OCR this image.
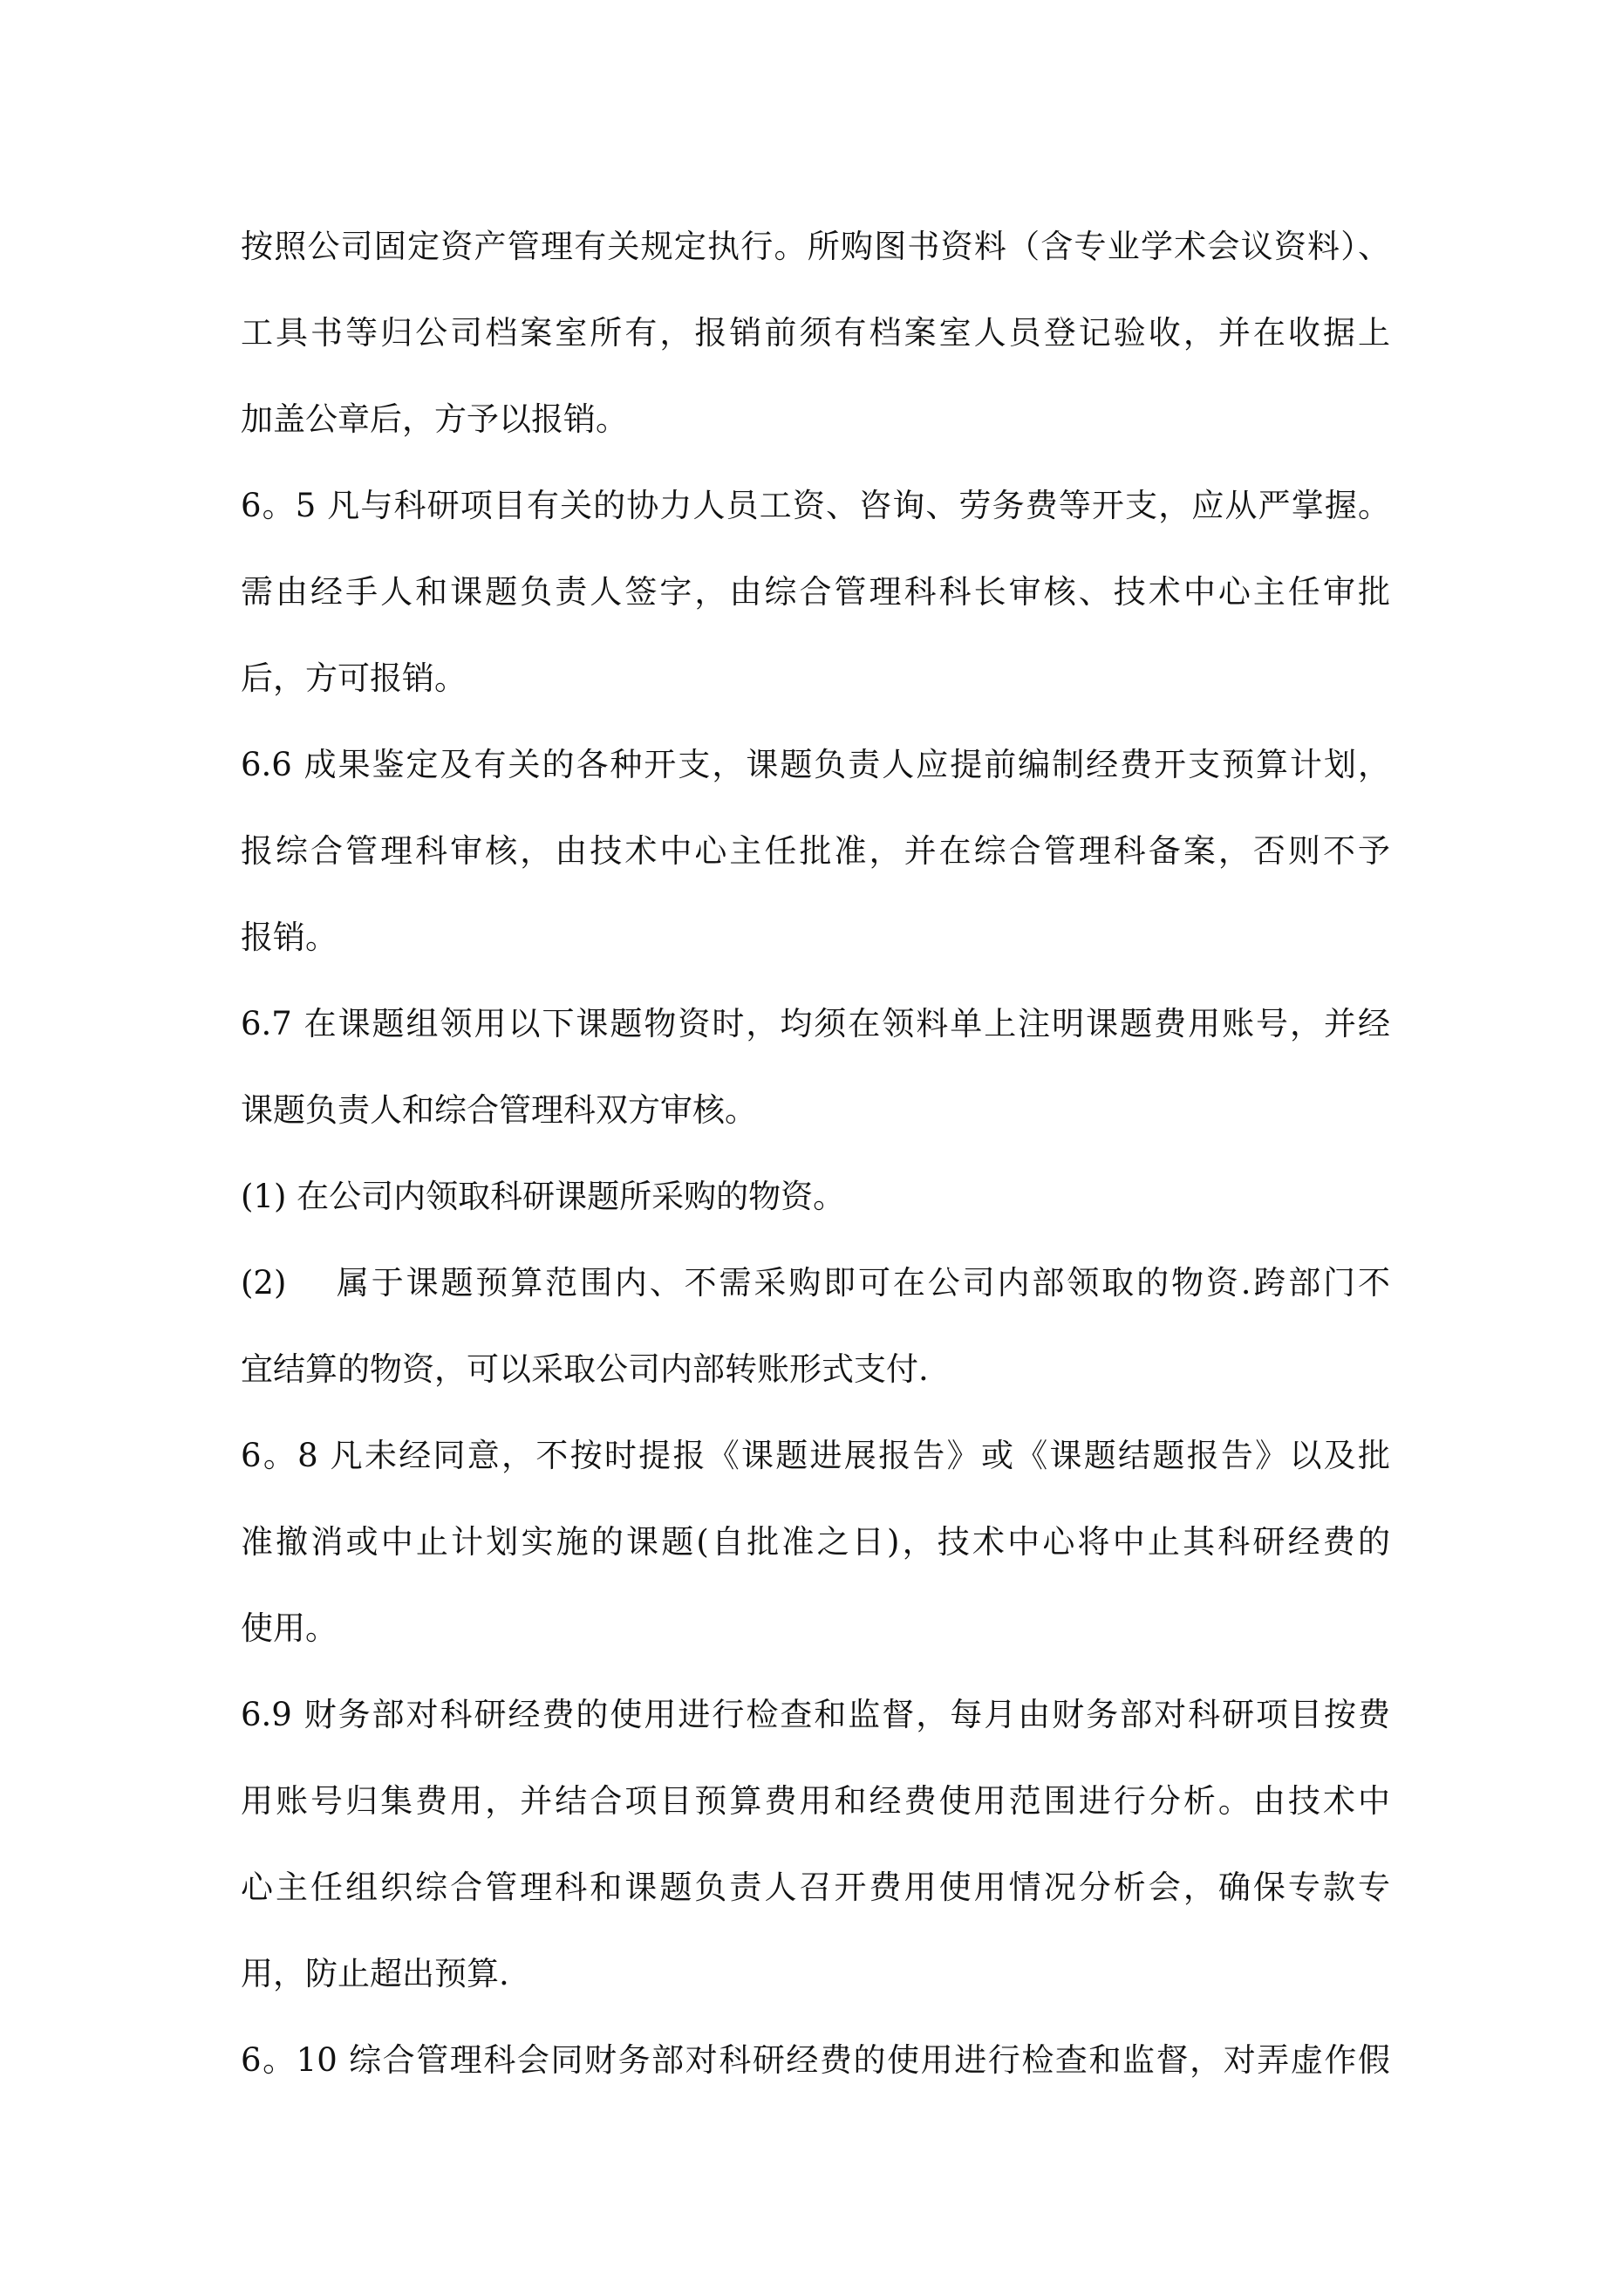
按照公司固定资产管理有关规定执行。所购图书资料（含专业学术会议资料）、
工具书等归公司档案室所有，报销前须有档案室人员登记验收，并在收据上
加盖公章后，方予以报销。
6。5 凡与科研项目有关的协力人员工资、咨询、劳务费等开支，应从严掌握。
需由经手人和课题负责人签字，由综合管理科科长审核、技术中心主任审批
后，方可报销。
6.6 成果鉴定及有关的各种开支，课题负责人应提前编制经费开支预算计划，
报综合管理科审核，由技术中心主任批准，并在综合管理科备案，否则不予
报销。
6.7 在课题组领用以下课题物资时，均须在领料单上注明课题费用账号，并经
课题负责人和综合管理科双方审核。
(1) 在公司内领取科研课题所采购的物资。
(2)　 属于课题预算范围内、不需采购即可在公司内部领取的物资.跨部门不
宜结算的物资，可以采取公司内部转账形式支付.
6。8 凡未经同意，不按时提报《课题进展报告》或《课题结题报告》以及批
准撤消或中止计划实施的课题(自批准之日)，技术中心将中止其科研经费的
使用。
6.9 财务部对科研经费的使用进行检查和监督，每月由财务部对科研项目按费
用账号归集费用，并结合项目预算费用和经费使用范围进行分析。由技术中
心主任组织综合管理科和课题负责人召开费用使用情况分析会，确保专款专
用，防止超出预算.
6。10 综合管理科会同财务部对科研经费的使用进行检查和监督，对弄虚作假
